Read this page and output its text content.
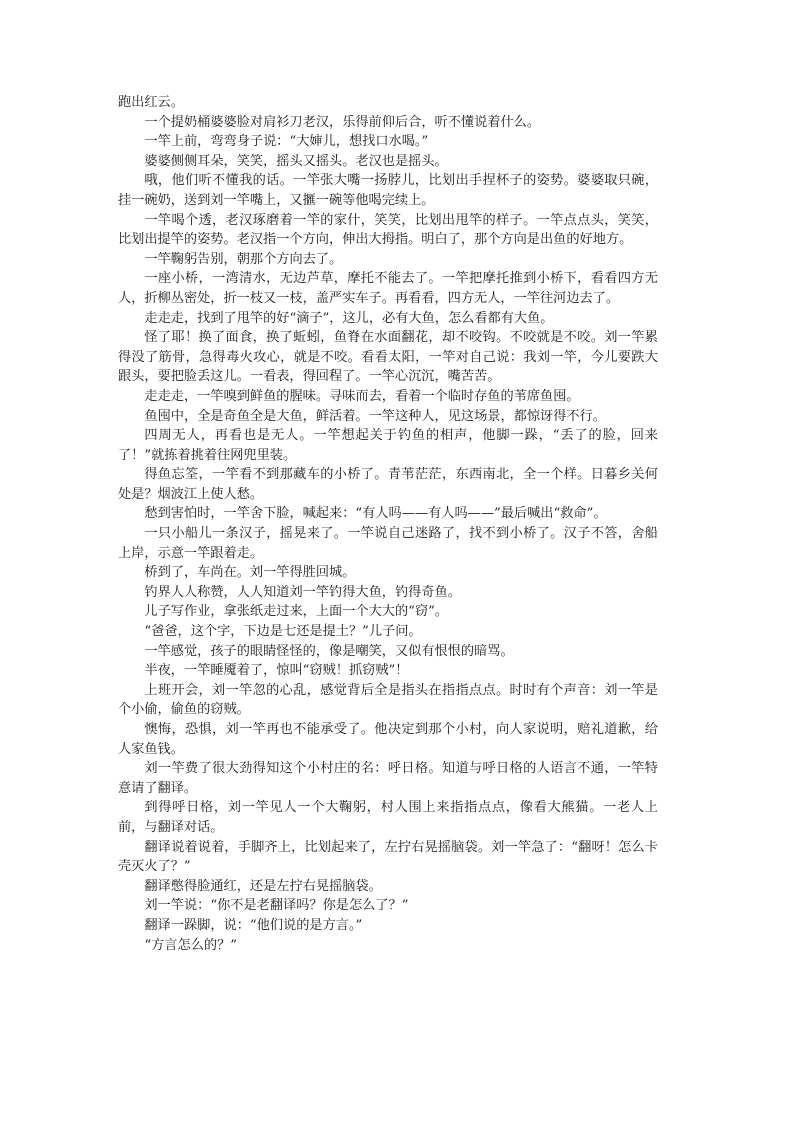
跑出红云。

一个提奶桶婆婆脸对肩衫刀老汉，乐得前仰后合，听不懂说着什么。

一竿上前，弯弯身子说：“大婶儿，想找口水喝。”

婆婆侧侧耳朵，笑笑，摇头又摇头。老汉也是摇头。

哦，他们听不懂我的话。一竿张大嘴一扬脖儿，比划出手捏杯子的姿势。婆婆取只碗，挂一碗奶，送到刘一竿嘴上，又擓一碗等他喝完续上。

一竿喝个透，老汉琢磨着一竿的家什，笑笑，比划出甩竿的样子。一竿点点头，笑笑，比划出提竿的姿势。老汉指一个方向，伸出大拇指。明白了，那个方向是出鱼的好地方。

一竿鞠躬告别，朝那个方向去了。

一座小桥，一湾清水，无边芦草，摩托不能去了。一竿把摩托推到小桥下，看看四方无人，折柳丛密处，折一枝又一枝，盖严实车子。再看看，四方无人，一竿往河边去了。

走走走，找到了甩竿的好“滴子”，这儿，必有大鱼，怎么看都有大鱼。

怪了耶！换了面食，换了蚯蚓，鱼脊在水面翻花，却不咬钩。不咬就是不咬。刘一竿累得没了筋骨，急得毒火攻心，就是不咬。看看太阳，一竿对自己说：我刘一竿，今儿要跌大跟头，要把脸丢这儿。一看表，得回程了。一竿心沉沉，嘴苦苦。

走走走，一竿嗅到鲜鱼的腥味。寻味而去，看着一个临时存鱼的苇席鱼囤。

鱼囤中，全是奇鱼全是大鱼，鲜活着。一竿这种人，见这场景，都惊讶得不行。

四周无人，再看也是无人。一竿想起关于钓鱼的相声，他脚一跺，“丢了的脸，回来了！”就拣着挑着往网兜里装。

得鱼忘筌，一竿看不到那藏车的小桥了。青苇茫茫，东西南北，全一个样。日暮乡关何处是？烟波江上使人愁。

愁到害怕时，一竿舍下脸，喊起来：“有人吗——有人吗——”最后喊出“救命”。

一只小船儿一条汉子，摇晃来了。一竿说自己迷路了，找不到小桥了。汉子不答，舍船上岸，示意一竿跟着走。

桥到了，车尚在。刘一竿得胜回城。

钓界人人称赞，人人知道刘一竿钓得大鱼，钓得奇鱼。

儿子写作业，拿张纸走过来，上面一个大大的“窃”。

“爸爸，这个字，下边是七还是提土？”儿子问。

一竿感觉，孩子的眼睛怪怪的，像是嘲笑，又似有恨恨的暗骂。

半夜，一竿睡魇着了，惊叫“窃贼！抓窃贼”！

上班开会，刘一竿忽的心乱，感觉背后全是指头在指指点点。时时有个声音：刘一竿是个小偷，偷鱼的窃贼。

懊悔，恐惧，刘一竿再也不能承受了。他决定到那个小村，向人家说明，赔礼道歉，给人家鱼钱。

刘一竿费了很大劲得知这个小村庄的名：呼日格。知道与呼日格的人语言不通，一竿特意请了翻译。

到得呼日格，刘一竿见人一个大鞠躬，村人围上来指指点点，像看大熊猫。一老人上前，与翻译对话。

翻译说着说着，手脚齐上，比划起来了，左拧右晃摇脑袋。刘一竿急了：“翻呀！怎么卡壳灭火了？”

翻译憋得脸通红，还是左拧右晃摇脑袋。

刘一竿说：“你不是老翻译吗？你是怎么了？”

翻译一跺脚，说：“他们说的是方言。”

“方言怎么的？”
